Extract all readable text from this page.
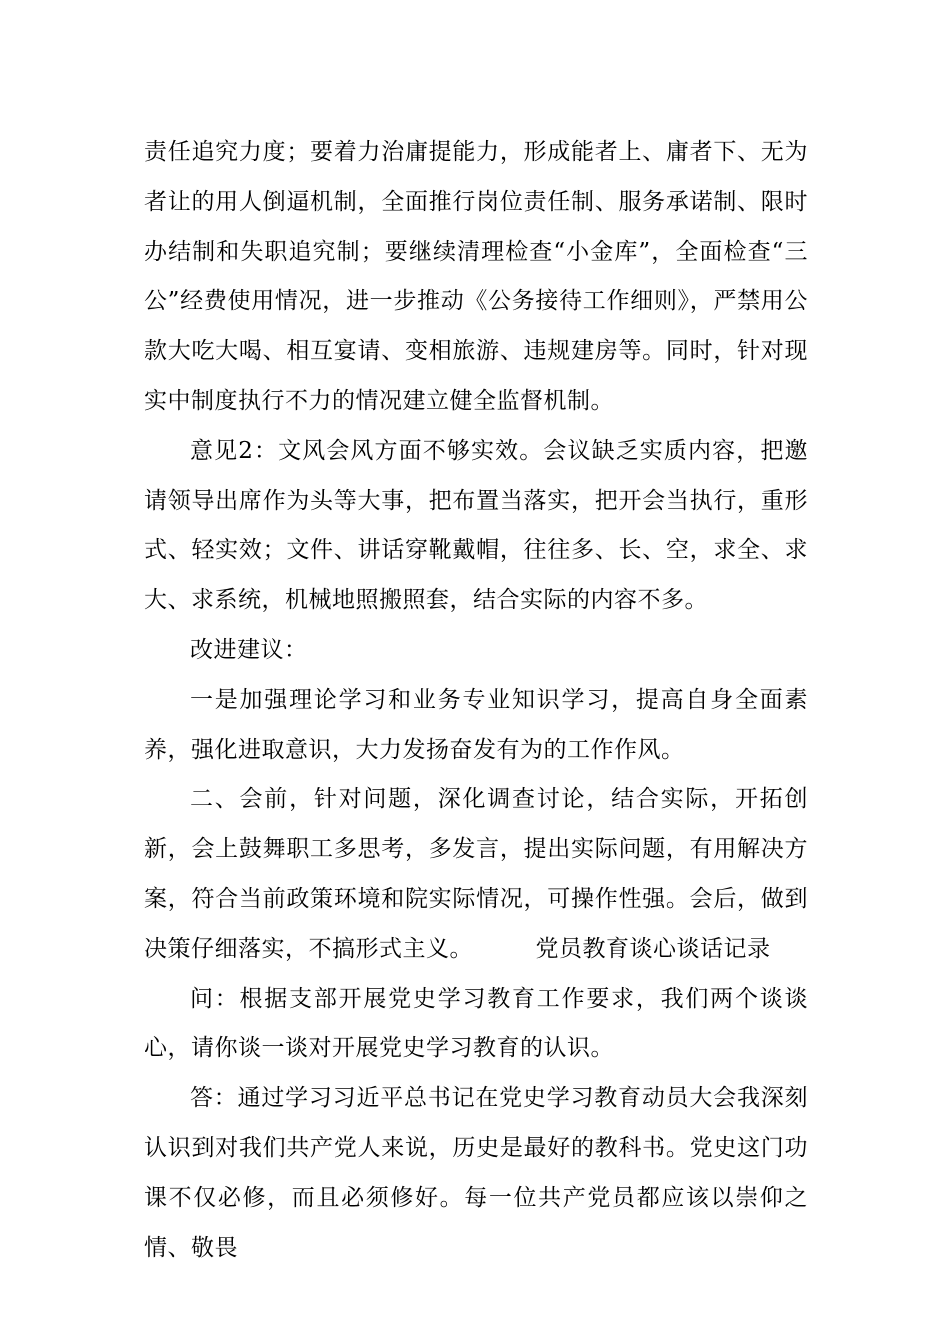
责任追究力度；要着力治庸提能力，形成能者上、庸者下、无为者让的用人倒逼机制，全面推行岗位责任制、服务承诺制、限时办结制和失职追究制；要继续清理检查“小金库”，全面检查“三公”经费使用情况，进一步推动《公务接待工作细则》，严禁用公款大吃大喝、相互宴请、变相旅游、违规建房等。同时，针对现实中制度执行不力的情况建立健全监督机制。

意见2：文风会风方面不够实效。会议缺乏实质内容，把邀请领导出席作为头等大事，把布置当落实，把开会当执行，重形式、轻实效；文件、讲话穿靴戴帽，往往多、长、空，求全、求大、求系统，机械地照搬照套，结合实际的内容不多。

改进建议：

一是加强理论学习和业务专业知识学习，提高自身全面素养，强化进取意识，大力发扬奋发有为的工作作风。

二、会前，针对问题，深化调查讨论，结合实际，开拓创新，会上鼓舞职工多思考，多发言，提出实际问题，有用解决方案，符合当前政策环境和院实际情况，可操作性强。会后，做到决策仔细落实，不搞形式主义。        党员教育谈心谈话记录

问：根据支部开展党史学习教育工作要求，我们两个谈谈心，请你谈一谈对开展党史学习教育的认识。

答：通过学习习近平总书记在党史学习教育动员大会我深刻认识到对我们共产党人来说，历史是最好的教科书。党史这门功课不仅必修，而且必须修好。每一位共产党员都应该以崇仰之情、敬畏
